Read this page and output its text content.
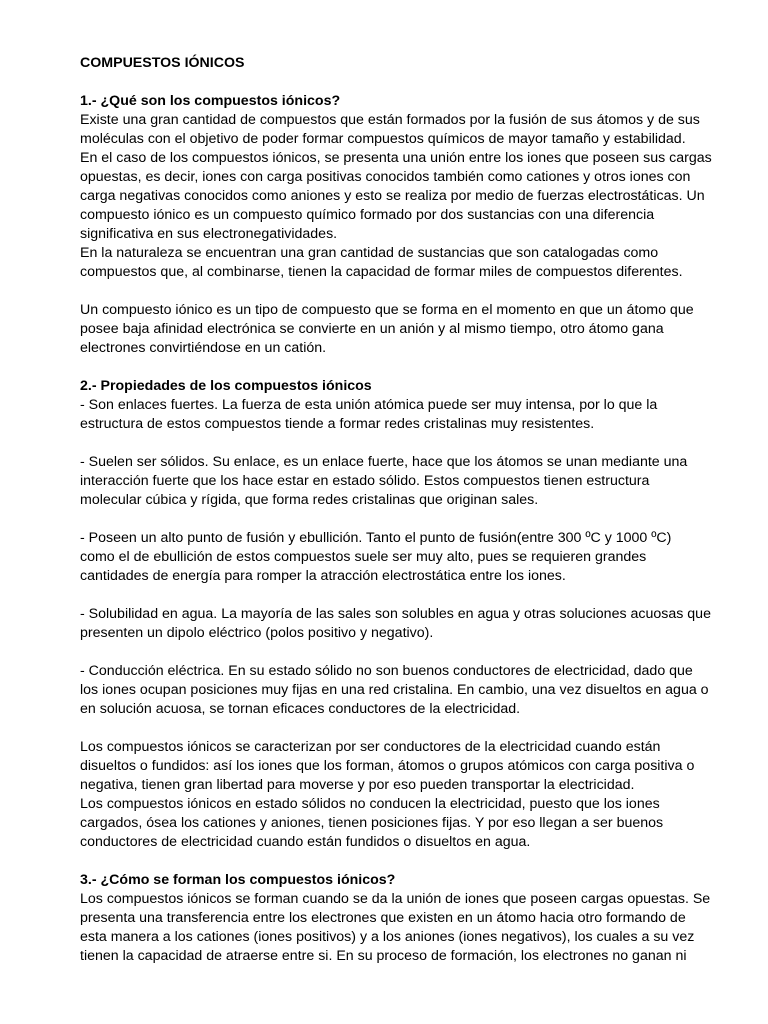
COMPUESTOS IÓNICOS

1.- ¿Qué son los compuestos iónicos?

Existe una gran cantidad de compuestos que están formados por la fusión de sus átomos y de sus

moléculas con el objetivo de poder formar compuestos químicos de mayor tamaño y estabilidad.

En el caso de los compuestos iónicos, se presenta una unión entre los iones que poseen sus cargas

opuestas, es decir, iones con carga positivas conocidos también como cationes y otros iones con

carga negativas conocidos como aniones y esto se realiza por medio de fuerzas electrostáticas. Un

compuesto iónico es un compuesto químico formado por dos sustancias con una diferencia

significativa en sus electronegatividades.

En la naturaleza se encuentran una gran cantidad de sustancias que son catalogadas como

compuestos que, al combinarse, tienen la capacidad de formar miles de compuestos diferentes.

Un compuesto iónico es un tipo de compuesto que se forma en el momento en que un átomo que

posee baja afinidad electrónica se convierte en un anión y al mismo tiempo, otro átomo gana

electrones convirtiéndose en un catión.

2.- Propiedades de los compuestos iónicos

- Son enlaces fuertes. La fuerza de esta unión atómica puede ser muy intensa, por lo que la

estructura de estos compuestos tiende a formar redes cristalinas muy resistentes.

- Suelen ser sólidos. Su enlace, es un enlace fuerte, hace que los átomos se unan mediante una

interacción fuerte que los hace estar en estado sólido. Estos compuestos tienen estructura

molecular cúbica y rígida, que forma redes cristalinas que originan sales.

- Poseen un alto punto de fusión y ebullición. Tanto el punto de fusión(entre 300 ºC y 1000 ºC)

como el de ebullición de estos compuestos suele ser muy alto, pues se requieren grandes

cantidades de energía para romper la atracción electrostática entre los iones.

- Solubilidad en agua. La mayoría de las sales son solubles en agua y otras soluciones acuosas que

presenten un dipolo eléctrico (polos positivo y negativo).

- Conducción eléctrica. En su estado sólido no son buenos conductores de electricidad, dado que

los iones ocupan posiciones muy fijas en una red cristalina. En cambio, una vez disueltos en agua o

en solución acuosa, se tornan eficaces conductores de la electricidad.

Los compuestos iónicos se caracterizan por ser conductores de la electricidad cuando están

disueltos o fundidos: así los iones que los forman, átomos o grupos atómicos con carga positiva o

negativa, tienen gran libertad para moverse y por eso pueden transportar la electricidad.

Los compuestos iónicos en estado sólidos no conducen la electricidad, puesto que los iones

cargados, ósea los cationes y aniones, tienen posiciones fijas. Y por eso llegan a ser buenos

conductores de electricidad cuando están fundidos o disueltos en agua.

3.- ¿Cómo se forman los compuestos iónicos?

Los compuestos iónicos se forman cuando se da la unión de iones que poseen cargas opuestas. Se

presenta una transferencia entre los electrones que existen en un átomo hacia otro formando de

esta manera a los cationes (iones positivos) y a los aniones (iones negativos), los cuales a su vez

tienen la capacidad de atraerse entre si. En su proceso de formación, los electrones no ganan ni
